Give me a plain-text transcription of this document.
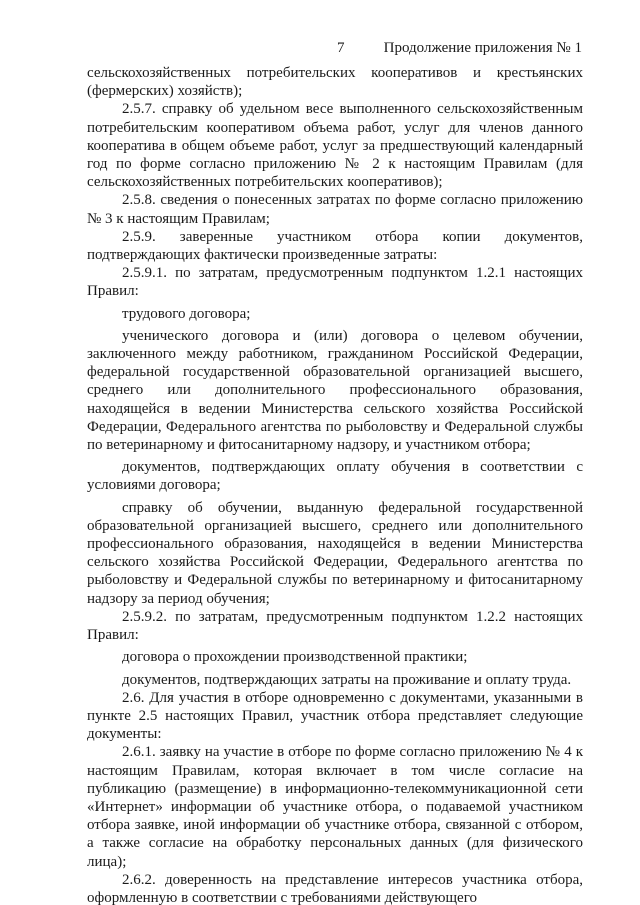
7	Продолжение приложения № 1

сельскохозяйственных потребительских кооперативов и крестьянских (фермерских) хозяйств);

2.5.7. справку об удельном весе выполненного сельскохозяйственным потребительским кооперативом объема работ, услуг для членов данного кооператива в общем объеме работ, услуг за предшествующий календарный год по форме согласно приложению № 2 к настоящим Правилам (для сельскохозяйственных потребительских кооперативов);

2.5.8. сведения о понесенных затратах по форме согласно приложению № 3 к настоящим Правилам;

2.5.9. заверенные участником отбора копии документов, подтверждающих фактически произведенные затраты:

2.5.9.1. по затратам, предусмотренным подпунктом 1.2.1 настоящих Правил:

трудового договора;

ученического договора и (или) договора о целевом обучении, заключенного между работником, гражданином Российской Федерации, федеральной государственной образовательной организацией высшего, среднего или дополнительного профессионального образования, находящейся в ведении Министерства сельского хозяйства Российской Федерации, Федерального агентства по рыболовству и Федеральной службы по ветеринарному и фитосанитарному надзору, и участником отбора;

документов, подтверждающих оплату обучения в соответствии с условиями договора;

справку об обучении, выданную федеральной государственной образовательной организацией высшего, среднего или дополнительного профессионального образования, находящейся в ведении Министерства сельского хозяйства Российской Федерации, Федерального агентства по рыболовству и Федеральной службы по ветеринарному и фитосанитарному надзору за период обучения;

2.5.9.2. по затратам, предусмотренным подпунктом 1.2.2 настоящих Правил:

договора о прохождении производственной практики;

документов, подтверждающих затраты на проживание и оплату труда.

2.6. Для участия в отборе одновременно с документами, указанными в пункте 2.5 настоящих Правил, участник отбора представляет следующие документы:

2.6.1. заявку на участие в отборе по форме согласно приложению № 4 к настоящим Правилам, которая включает в том числе согласие на публикацию (размещение) в информационно-телекоммуникационной сети «Интернет» информации об участнике отбора, о подаваемой участником отбора заявке, иной информации об участнике отбора, связанной с отбором, а также согласие на обработку персональных данных (для физического лица);

2.6.2. доверенность на представление интересов участника отбора, оформленную в соответствии с требованиями действующего
